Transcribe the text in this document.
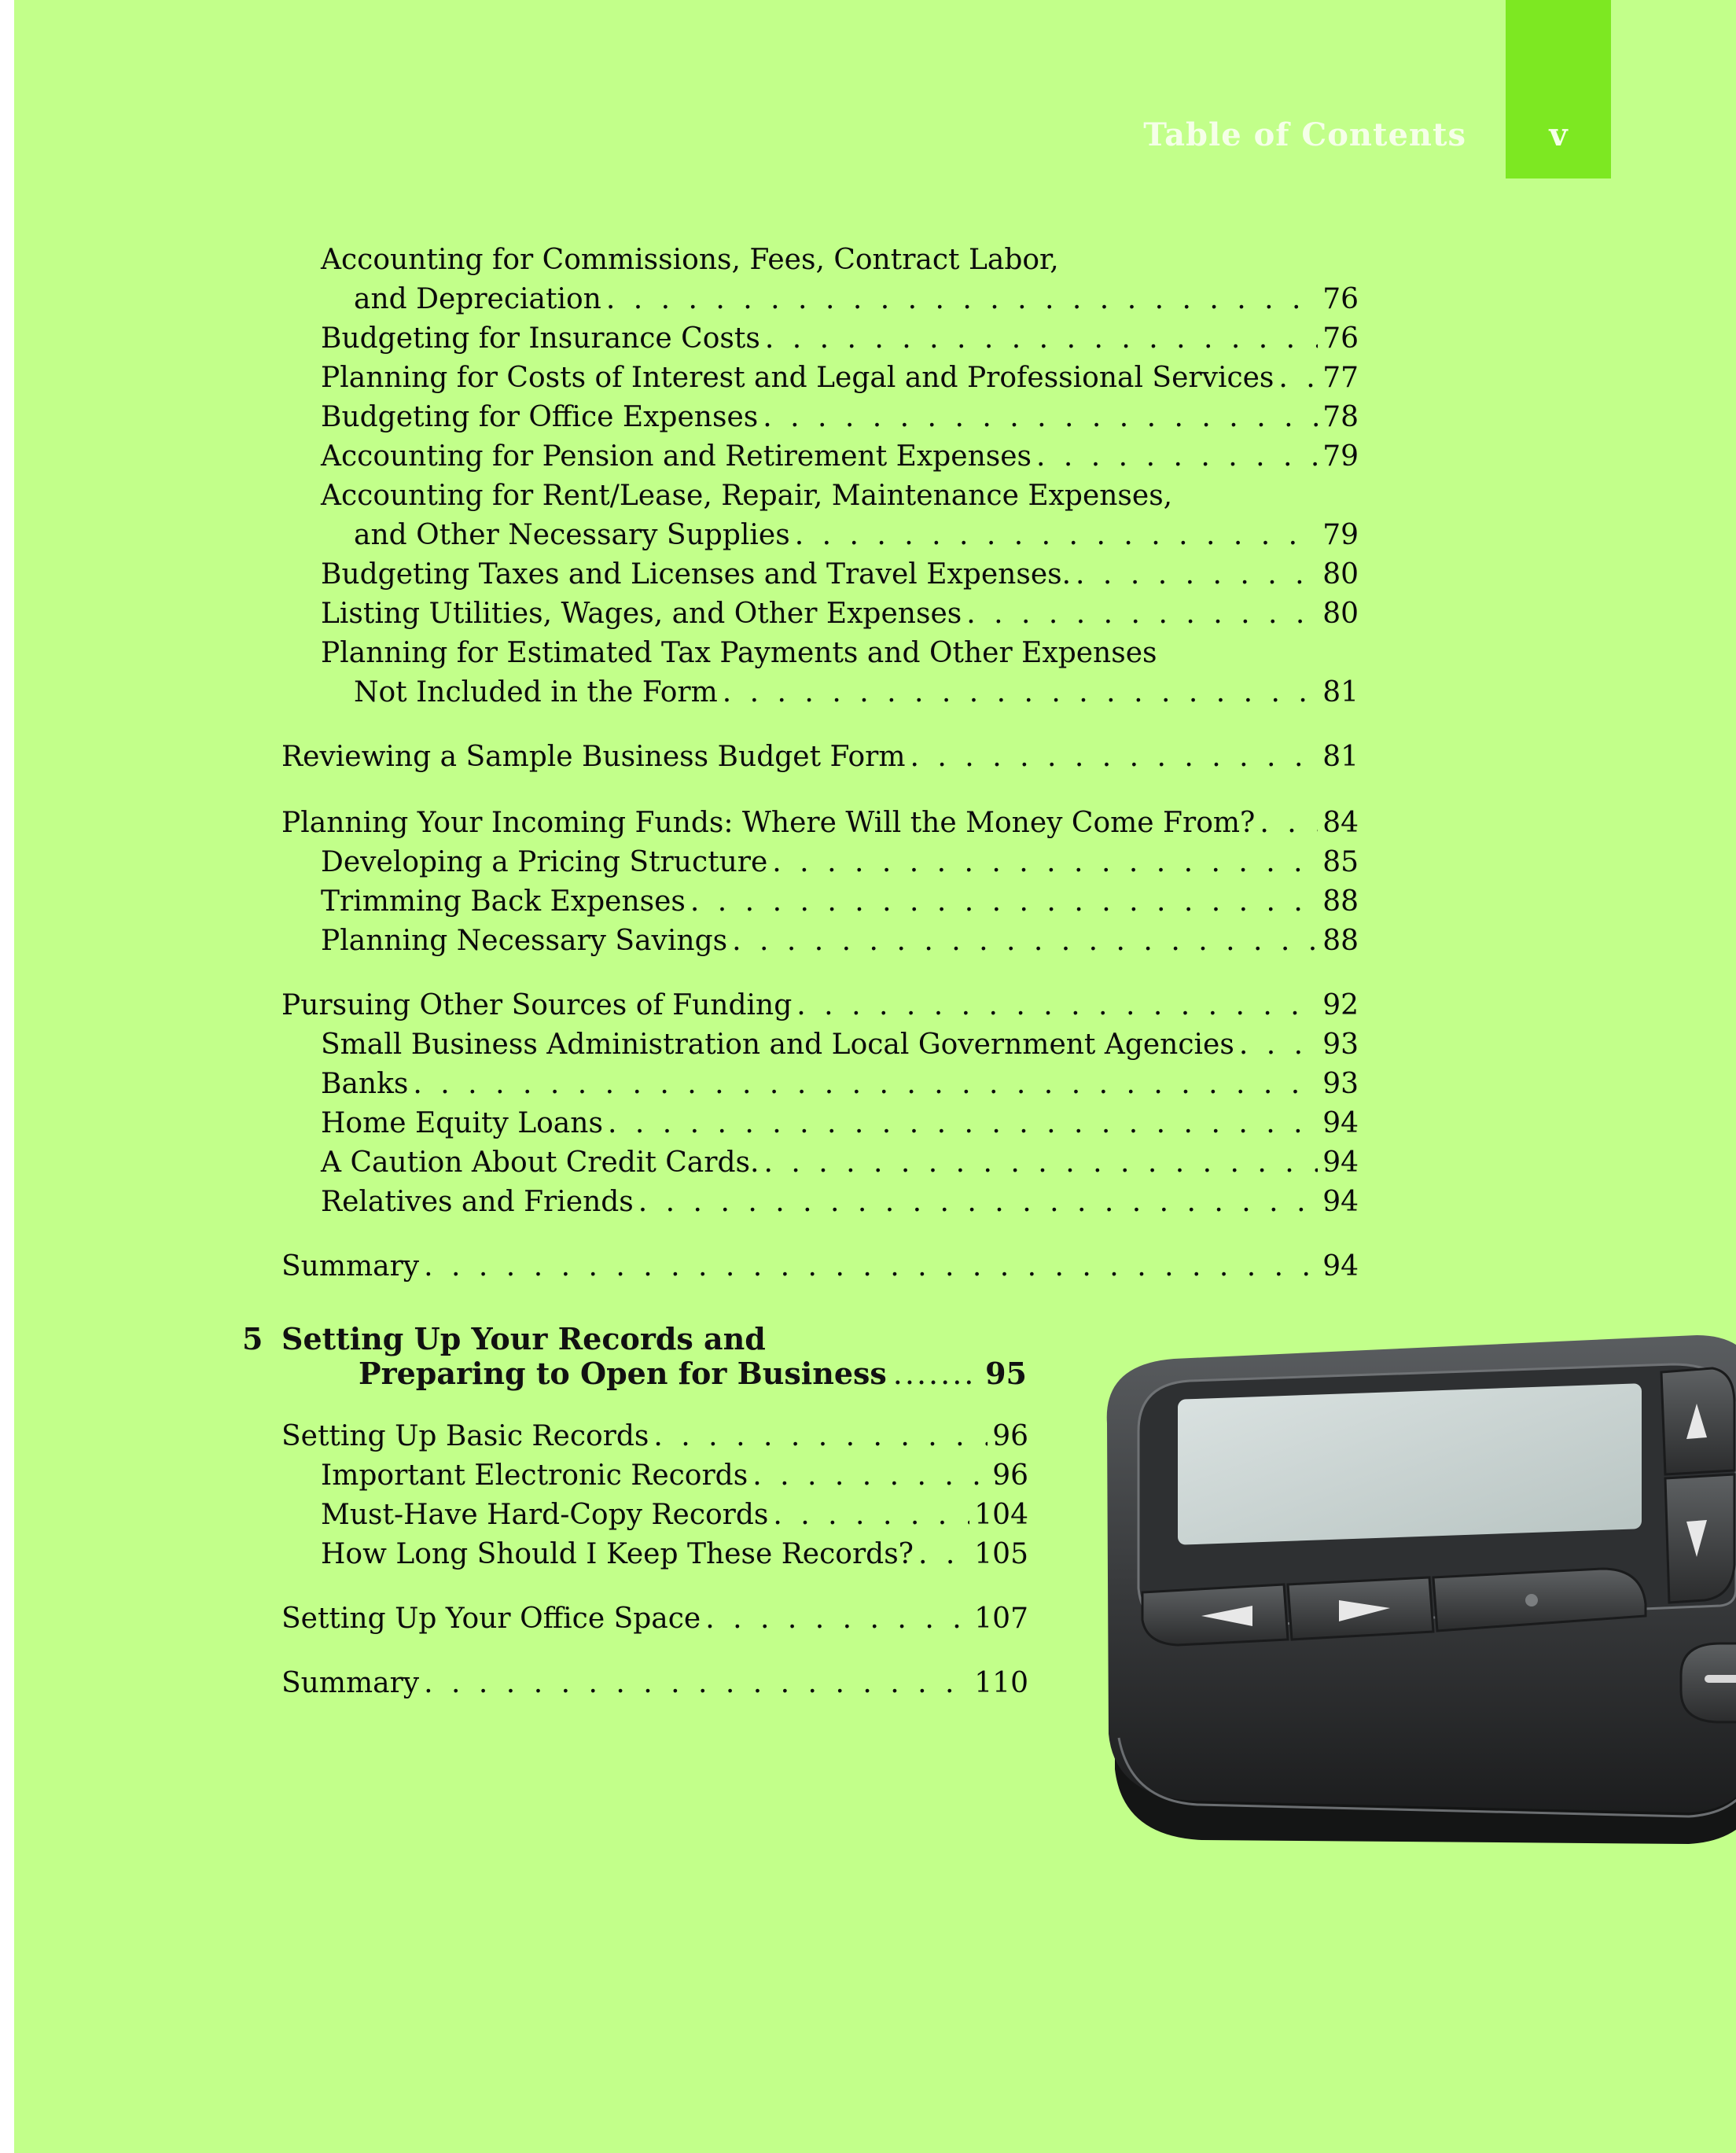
Table of Contents	v
Accounting for Commissions, Fees, Contract Labor,
and Depreciation . . .	76
Budgeting for Insurance Costs . . .	76
Planning for Costs of Interest and Legal and Professional Services . . . 77
Budgeting for Office Expenses . . .	78
Accounting for Pension and Retirement Expenses . . .	79
Accounting for Rent/Lease, Repair, Maintenance Expenses,
and Other Necessary Supplies . . .	79
Budgeting Taxes and Licenses and Travel Expenses. . . .	80
Listing Utilities, Wages, and Other Expenses . . .	80
Planning for Estimated Tax Payments and Other Expenses
Not Included in the Form . . .	81
Reviewing a Sample Business Budget Form . . .	81
Planning Your Incoming Funds: Where Will the Money Come From? . . . 84
Developing a Pricing Structure . . .	85
Trimming Back Expenses . . .	88
Planning Necessary Savings . . .	88
Pursuing Other Sources of Funding . . .	92
Small Business Administration and Local Government Agencies . . .	93
Banks . . .	93
Home Equity Loans . . .	94
A Caution About Credit Cards. . . .	94
Relatives and Friends . . .	94
Summary . . .	94
5 Setting Up Your Records and
Preparing to Open for Business .....	95
Setting Up Basic Records . . .	96
Important Electronic Records . . .	96
Must-Have Hard-Copy Records . . .	104
How Long Should I Keep These Records? . . . 105
Setting Up Your Office Space . . .	107
Summary . . .	110
